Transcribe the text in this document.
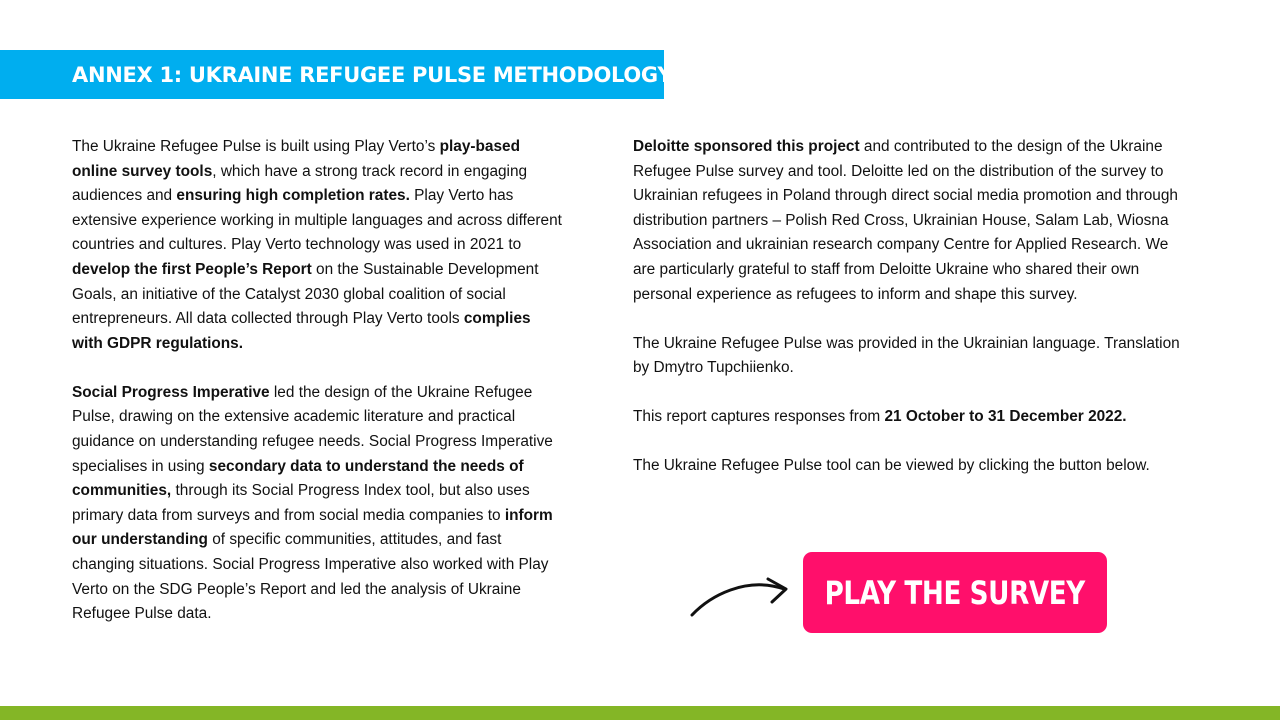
ANNEX 1: UKRAINE REFUGEE PULSE METHODOLOGY

The Ukraine Refugee Pulse is built using Play Verto’s play-based online survey tools, which have a strong track record in engaging audiences and ensuring high completion rates. Play Verto has extensive experience working in multiple languages and across different countries and cultures. Play Verto technology was used in 2021 to develop the first People’s Report on the Sustainable Development Goals, an initiative of the Catalyst 2030 global coalition of social entrepreneurs. All data collected through Play Verto tools complies with GDPR regulations.

Social Progress Imperative led the design of the Ukraine Refugee Pulse, drawing on the extensive academic literature and practical guidance on understanding refugee needs. Social Progress Imperative specialises in using secondary data to understand the needs of communities, through its Social Progress Index tool, but also uses primary data from surveys and from social media companies to inform our understanding of specific communities, attitudes, and fast changing situations. Social Progress Imperative also worked with Play Verto on the SDG People’s Report and led the analysis of Ukraine Refugee Pulse data.

Deloitte sponsored this project and contributed to the design of the Ukraine Refugee Pulse survey and tool. Deloitte led on the distribution of the survey to Ukrainian refugees in Poland through direct social media promotion and through distribution partners – Polish Red Cross, Ukrainian House, Salam Lab, Wiosna Association and ukrainian research company Centre for Applied Research. We are particularly grateful to staff from Deloitte Ukraine who shared their own personal experience as refugees to inform and shape this survey.

The Ukraine Refugee Pulse was provided in the Ukrainian language. Translation by Dmytro Tupchiienko.

This report captures responses from 21 October to 31 December 2022.

The Ukraine Refugee Pulse tool can be viewed by clicking the button below.

PLAY THE SURVEY
